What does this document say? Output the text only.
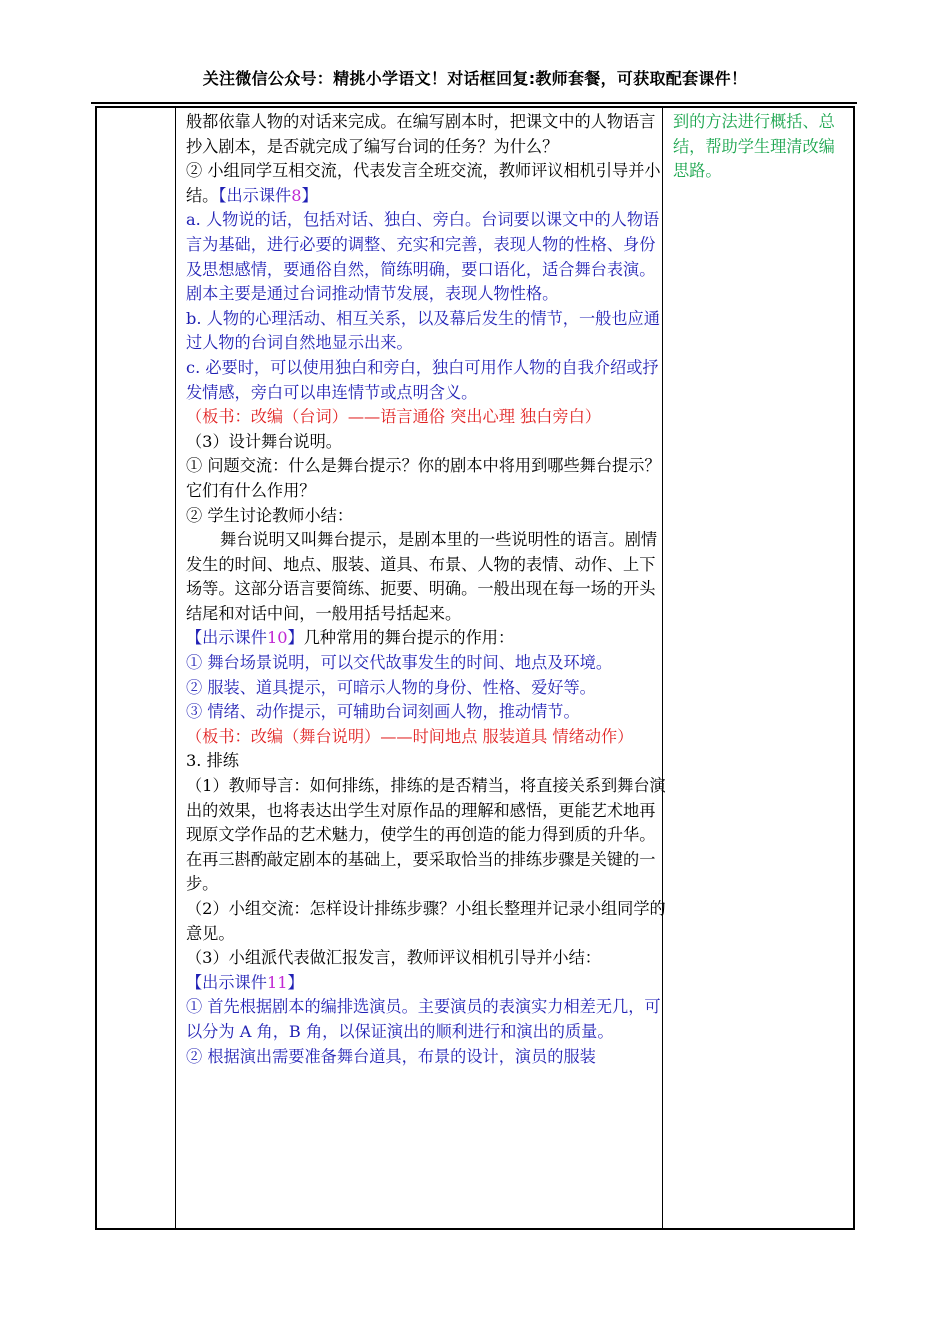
关注微信公众号：精挑小学语文！对话框回复:教师套餐，可获取配套课件！

般都依靠人物的对话来完成。在编写剧本时，把课文中的人物语言抄入剧本，是否就完成了编写台词的任务？为什么？

② 小组同学互相交流，代表发言全班交流，教师评议相机引导并小结。【出示课件8】

a. 人物说的话，包括对话、独白、旁白。台词要以课文中的人物语言为基础，进行必要的调整、充实和完善，表现人物的性格、身份及思想感情，要通俗自然，简练明确，要口语化，适合舞台表演。剧本主要是通过台词推动情节发展，表现人物性格。

b. 人物的心理活动、相互关系，以及幕后发生的情节，一般也应通过人物的台词自然地显示出来。

c. 必要时，可以使用独白和旁白，独白可用作人物的自我介绍或抒发情感，旁白可以串连情节或点明含义。

（板书：改编（台词）——语言通俗 突出心理 独白旁白）

（3）设计舞台说明。

① 问题交流：什么是舞台提示？你的剧本中将用到哪些舞台提示？它们有什么作用？

② 学生讨论教师小结：

舞台说明又叫舞台提示，是剧本里的一些说明性的语言。剧情发生的时间、地点、服装、道具、布景、人物的表情、动作、上下场等。这部分语言要简练、扼要、明确。一般出现在每一场的开头结尾和对话中间，一般用括号括起来。

【出示课件10】几种常用的舞台提示的作用：

① 舞台场景说明，可以交代故事发生的时间、地点及环境。

② 服装、道具提示，可暗示人物的身份、性格、爱好等。

③ 情绪、动作提示，可辅助台词刻画人物，推动情节。

（板书：改编（舞台说明）——时间地点 服装道具 情绪动作）

3. 排练

（1）教师导言：如何排练，排练的是否精当，将直接关系到舞台演出的效果，也将表达出学生对原作品的理解和感悟，更能艺术地再现原文学作品的艺术魅力，使学生的再创造的能力得到质的升华。在再三斟酌敲定剧本的基础上，要采取恰当的排练步骤是关键的一步。

（2）小组交流：怎样设计排练步骤？小组长整理并记录小组同学的意见。

（3）小组派代表做汇报发言，教师评议相机引导并小结：

【出示课件11】

① 首先根据剧本的编排选演员。主要演员的表演实力相差无几，可以分为 A 角，B 角，以保证演出的顺利进行和演出的质量。

② 根据演出需要准备舞台道具，布景的设计，演员的服装

到的方法进行概括、总结，帮助学生理清改编思路。
